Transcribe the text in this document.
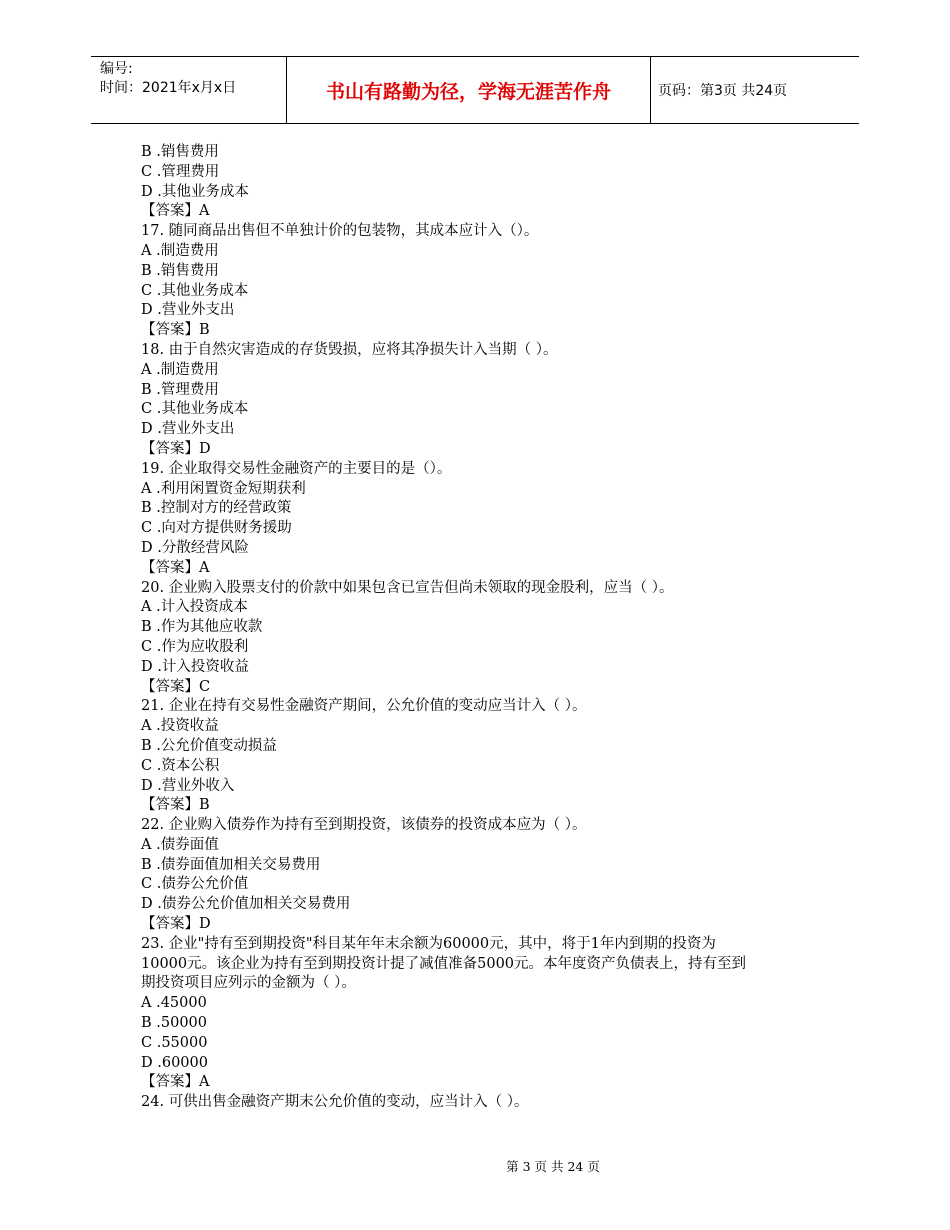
编号:
时间：2021年x月x日	书山有路勤为径，学海无涯苦作舟	页码：第3页 共24页
B .销售费用
C .管理费用
D .其他业务成本
【答案】A
17. 随同商品出售但不单独计价的包装物，其成本应计入（）。
A .制造费用
B .销售费用
C .其他业务成本
D .营业外支出
【答案】B
18. 由于自然灾害造成的存货毁损，应将其净损失计入当期（ ）。
A .制造费用
B .管理费用
C .其他业务成本
D .营业外支出
【答案】D
19. 企业取得交易性金融资产的主要目的是（）。
A .利用闲置资金短期获利
B .控制对方的经营政策
C .向对方提供财务援助
D .分散经营风险
【答案】A
20. 企业购入股票支付的价款中如果包含已宣告但尚未领取的现金股利，应当（ ）。
A .计入投资成本
B .作为其他应收款
C .作为应收股利
D .计入投资收益
【答案】C
21. 企业在持有交易性金融资产期间，公允价值的变动应当计入（ ）。
A .投资收益
B .公允价值变动损益
C .资本公积
D .营业外收入
【答案】B
22. 企业购入债券作为持有至到期投资，该债券的投资成本应为（ ）。
A .债券面值
B .债券面值加相关交易费用
C .债券公允价值
D .债券公允价值加相关交易费用
【答案】D
23. 企业"持有至到期投资"科目某年年末余额为60000元，其中，将于1年内到期的投资为
10000元。该企业为持有至到期投资计提了减值准备5000元。本年度资产负债表上，持有至到
期投资项目应列示的金额为（ ）。
A .45000
B .50000
C .55000
D .60000
【答案】A
24. 可供出售金融资产期末公允价值的变动，应当计入（ ）。
第 3 页 共 24 页
